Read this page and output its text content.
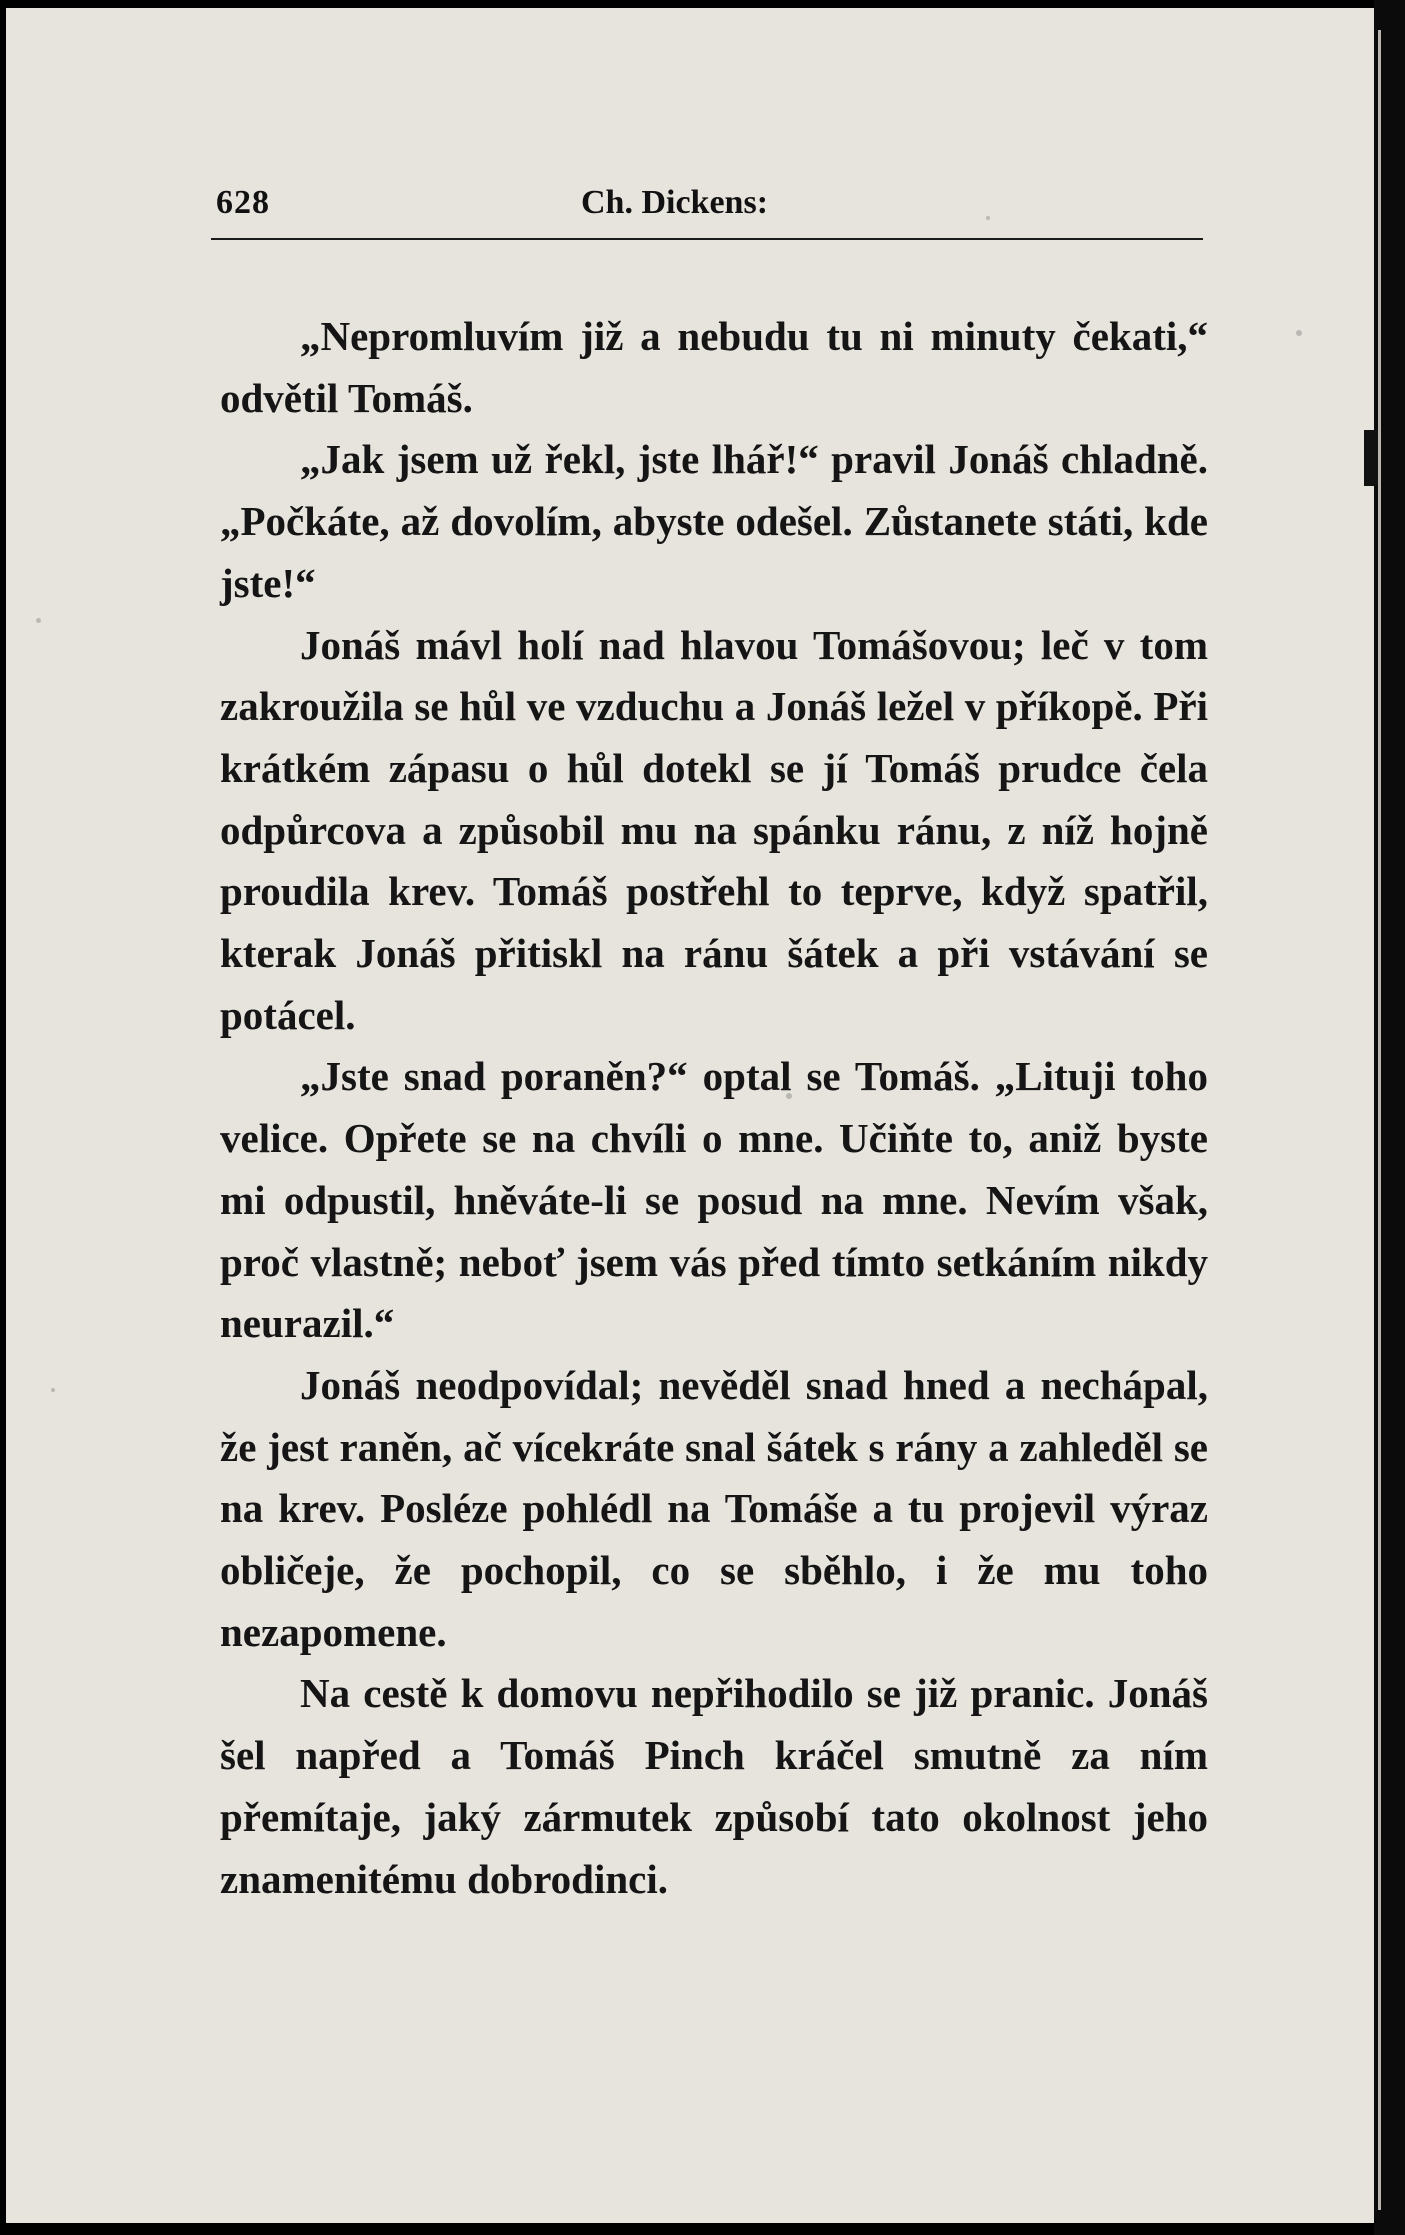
628	Ch. Dickens:

„Nepromluvím již a nebudu tu ni minuty čekati,“ odvětil Tomáš.

„Jak jsem už řekl, jste lhář!“ pravil Jonáš chladně. „Počkáte, až dovolím, abyste odešel. Zůstanete státi, kde jste!“

Jonáš mávl holí nad hlavou Tomášovou; leč v tom zakroužila se hůl ve vzduchu a Jonáš ležel v příkopě. Při krátkém zápasu o hůl dotekl se jí Tomáš prudce čela odpůrcova a způsobil mu na spánku ránu, z níž hojně proudila krev. Tomáš postřehl to teprve, když spatřil, kterak Jonáš přitiskl na ránu šátek a při vstávání se potácel.

„Jste snad poraněn?“ optal se Tomáš. „Lituji toho velice. Opřete se na chvíli o mne. Učiňte to, aniž byste mi odpustil, hněváte-li se posud na mne. Nevím však, proč vlastně; neboť jsem vás před tímto setkáním nikdy neurazil.“

Jonáš neodpovídal; nevěděl snad hned a nechápal, že jest raněn, ač vícekráte snal šátek s rány a zahleděl se na krev. Posléze pohlédl na Tomáše a tu projevil výraz obličeje, že pochopil, co se sběhlo, i že mu toho nezapomene.

Na cestě k domovu nepřihodilo se již pranic. Jonáš šel napřed a Tomáš Pinch kráčel smutně za ním přemítaje, jaký zármutek způsobí tato okolnost jeho znamenitému dobrodinci.
